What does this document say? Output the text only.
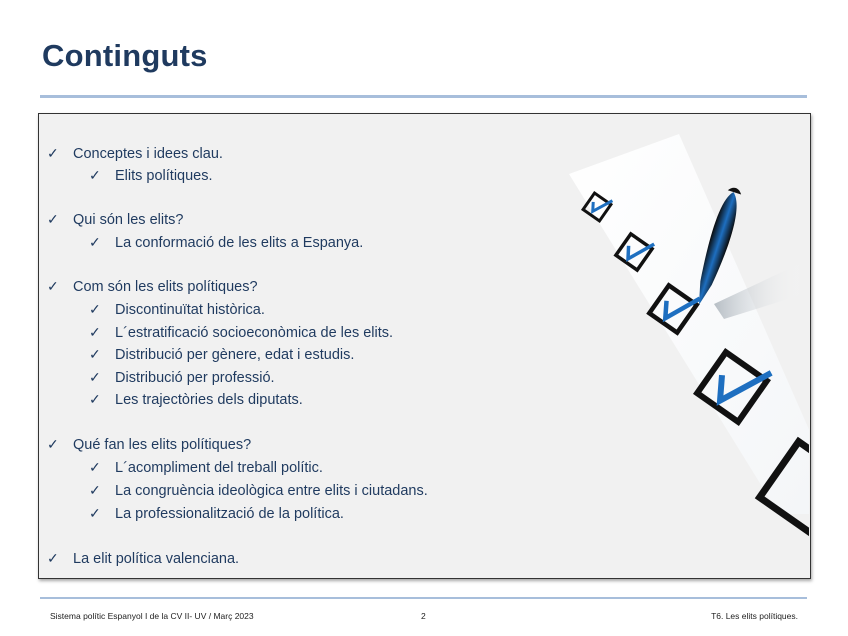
Continguts
✓ Conceptes i idees clau.
✓ Elits polítiques.
✓ Qui són les elits?
✓ La conformació de les elits a Espanya.
✓ Com són les elits polítiques?
✓ Discontinuïtat històrica.
✓ L´estratificació socioeconòmica de les elits.
✓ Distribució per gènere, edat i estudis.
✓ Distribució per professió.
✓ Les trajectòries dels diputats.
✓ Qué fan les elits polítiques?
✓ L´acompliment del treball polític.
✓ La congruència ideològica entre elits i ciutadans.
✓ La professionalització de la política.
✓ La elit política valenciana.
Sistema polític Espanyol I de la CV II- UV / Març 2023	2	T6. Les elits polítiques.
